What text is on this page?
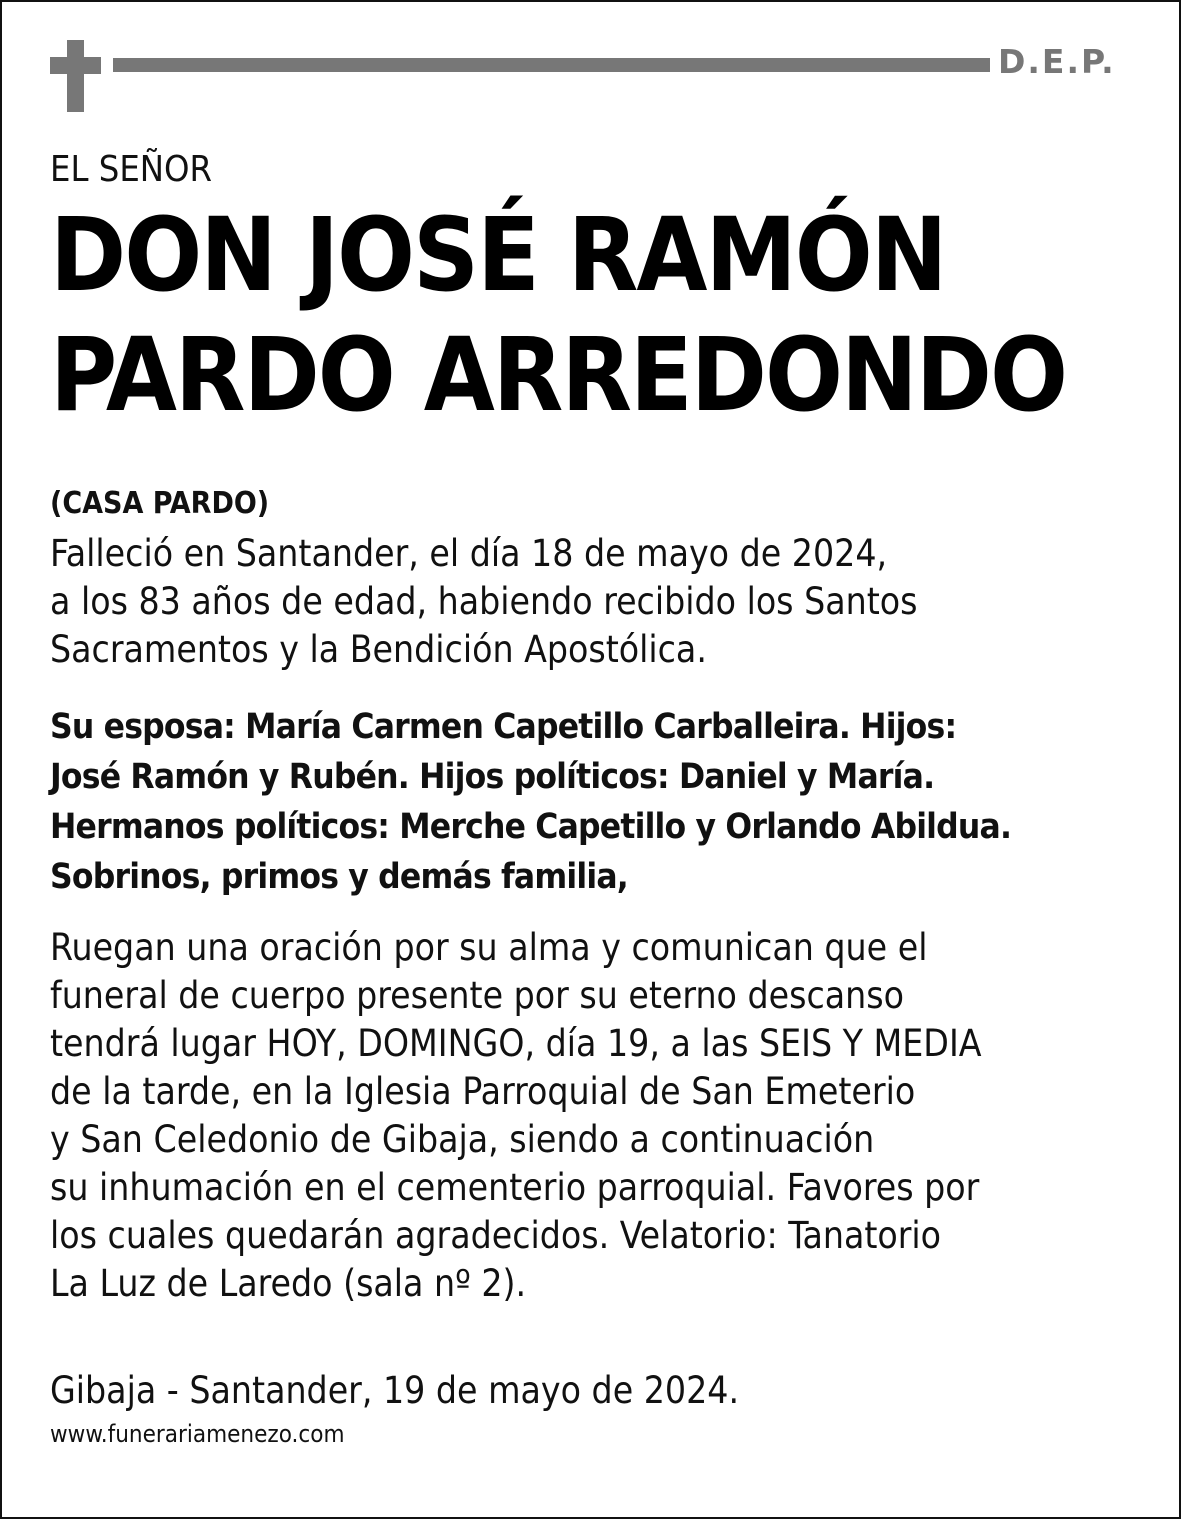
D.E.P.
EL SEÑOR
DON JOSÉ RAMÓN
PARDO ARREDONDO
(CASA PARDO)
Falleció en Santander, el día 18 de mayo de 2024,
a los 83 años de edad, habiendo recibido los Santos
Sacramentos y la Bendición Apostólica.
Su esposa: María Carmen Capetillo Carballeira. Hijos:
José Ramón y Rubén. Hijos políticos: Daniel y María.
Hermanos políticos: Merche Capetillo y Orlando Abildua.
Sobrinos, primos y demás familia,
Ruegan una oración por su alma y comunican que el
funeral de cuerpo presente por su eterno descanso
tendrá lugar HOY, DOMINGO, día 19, a las SEIS Y MEDIA
de la tarde, en la Iglesia Parroquial de San Emeterio
y San Celedonio de Gibaja, siendo a continuación
su inhumación en el cementerio parroquial. Favores por
los cuales quedarán agradecidos. Velatorio: Tanatorio
La Luz de Laredo (sala nº 2).
Gibaja - Santander, 19 de mayo de 2024.
www.funerariamenezo.com
